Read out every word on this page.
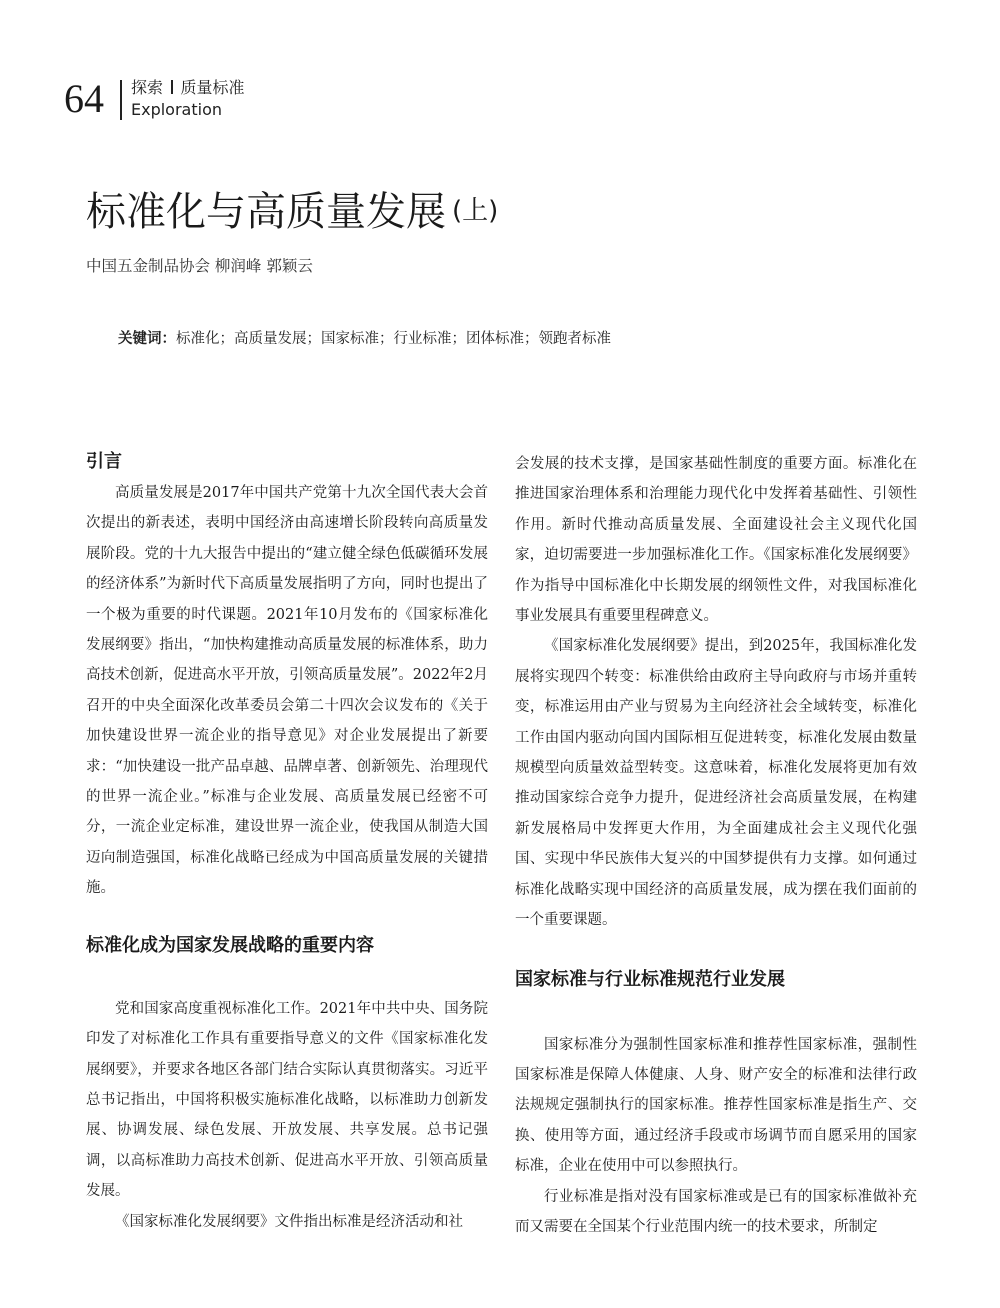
64 探索 质量标准
Exploration
标准化与高质量发展 (上)
中国五金制品协会 柳润峰 郭颖云
关键词：标准化；高质量发展；国家标准；行业标准；团体标准；领跑者标准
引言

高质量发展是2017年中国共产党第十九次全国代表大会首次提出的新表述，表明中国经济由高速增长阶段转向高质量发展阶段。党的十九大报告中提出的“建立健全绿色低碳循环发展的经济体系”为新时代下高质量发展指明了方向，同时也提出了一个极为重要的时代课题。2021年10月发布的《国家标准化发展纲要》指出，“加快构建推动高质量发展的标准体系，助力高技术创新，促进高水平开放，引领高质量发展”。2022年2月召开的中央全面深化改革委员会第二十四次会议发布的《关于加快建设世界一流企业的指导意见》对企业发展提出了新要求：“加快建设一批产品卓越、品牌卓著、创新领先、治理现代的世界一流企业。”标准与企业发展、高质量发展已经密不可分，一流企业定标准，建设世界一流企业，使我国从制造大国迈向制造强国，标准化战略已经成为中国高质量发展的关键措施。

标准化成为国家发展战略的重要内容

党和国家高度重视标准化工作。2021年中共中央、国务院印发了对标准化工作具有重要指导意义的文件《国家标准化发展纲要》，并要求各地区各部门结合实际认真贯彻落实。习近平总书记指出，中国将积极实施标准化战略，以标准助力创新发展、协调发展、绿色发展、开放发展、共享发展。总书记强调，以高标准助力高技术创新、促进高水平开放、引领高质量发展。

《国家标准化发展纲要》文件指出标准是经济活动和社

会发展的技术支撑，是国家基础性制度的重要方面。标准化在推进国家治理体系和治理能力现代化中发挥着基础性、引领性作用。新时代推动高质量发展、全面建设社会主义现代化国家，迫切需要进一步加强标准化工作。《国家标准化发展纲要》作为指导中国标准化中长期发展的纲领性文件，对我国标准化事业发展具有重要里程碑意义。

《国家标准化发展纲要》提出，到2025年，我国标准化发展将实现四个转变：标准供给由政府主导向政府与市场并重转变，标准运用由产业与贸易为主向经济社会全域转变，标准化工作由国内驱动向国内国际相互促进转变，标准化发展由数量规模型向质量效益型转变。这意味着，标准化发展将更加有效推动国家综合竞争力提升，促进经济社会高质量发展，在构建新发展格局中发挥更大作用，为全面建成社会主义现代化强国、实现中华民族伟大复兴的中国梦提供有力支撑。如何通过标准化战略实现中国经济的高质量发展，成为摆在我们面前的一个重要课题。

国家标准与行业标准规范行业发展

国家标准分为强制性国家标准和推荐性国家标准，强制性国家标准是保障人体健康、人身、财产安全的标准和法律行政法规规定强制执行的国家标准。推荐性国家标准是指生产、交换、使用等方面，通过经济手段或市场调节而自愿采用的国家标准，企业在使用中可以参照执行。

行业标准是指对没有国家标准或是已有的国家标准做补充而又需要在全国某个行业范围内统一的技术要求，所制定
